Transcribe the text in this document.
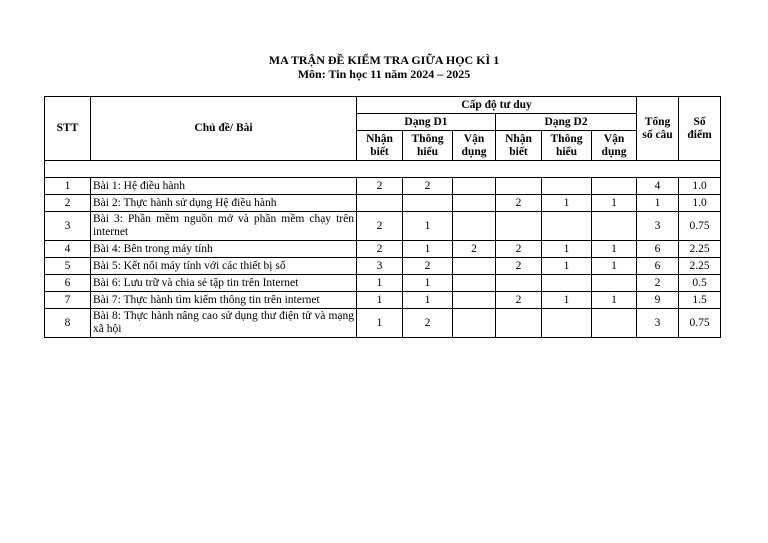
MA TRẬN ĐỀ KIỂM TRA GIỮA HỌC KÌ 1
Môn: Tin học 11 năm 2024 – 2025
STT	Chủ đề/ Bài	Cấp độ tư duy						Tổng số câu	Số điểm
		Dạng D1			Dạng D2				
		Nhận biết	Thông hiểu	Vận dụng	Nhận biết	Thông hiểu	Vận dụng		

1	Bài 1: Hệ điều hành	2	2					4	1.0
2	Bài 2: Thực hành sử dụng Hệ điều hành				2	1	1	1	1.0
3	Bài 3: Phần mềm nguồn mở và phần mềm chạy trên internet	2	1					3	0.75
4	Bài 4: Bên trong máy tính	2	1	2	2	1	1	6	2.25
5	Bài 5: Kết nối máy tính với các thiết bị số	3	2		2	1	1	6	2.25
6	Bài 6: Lưu trữ và chia sẻ tập tin trên Internet	1	1					2	0.5
7	Bài 7: Thực hành tìm kiếm thông tin trên internet	1	1		2	1	1	9	1.5
8	Bài 8: Thực hành nâng cao sử dụng thư điện tử và mạng xã hội	1	2					3	0.75
